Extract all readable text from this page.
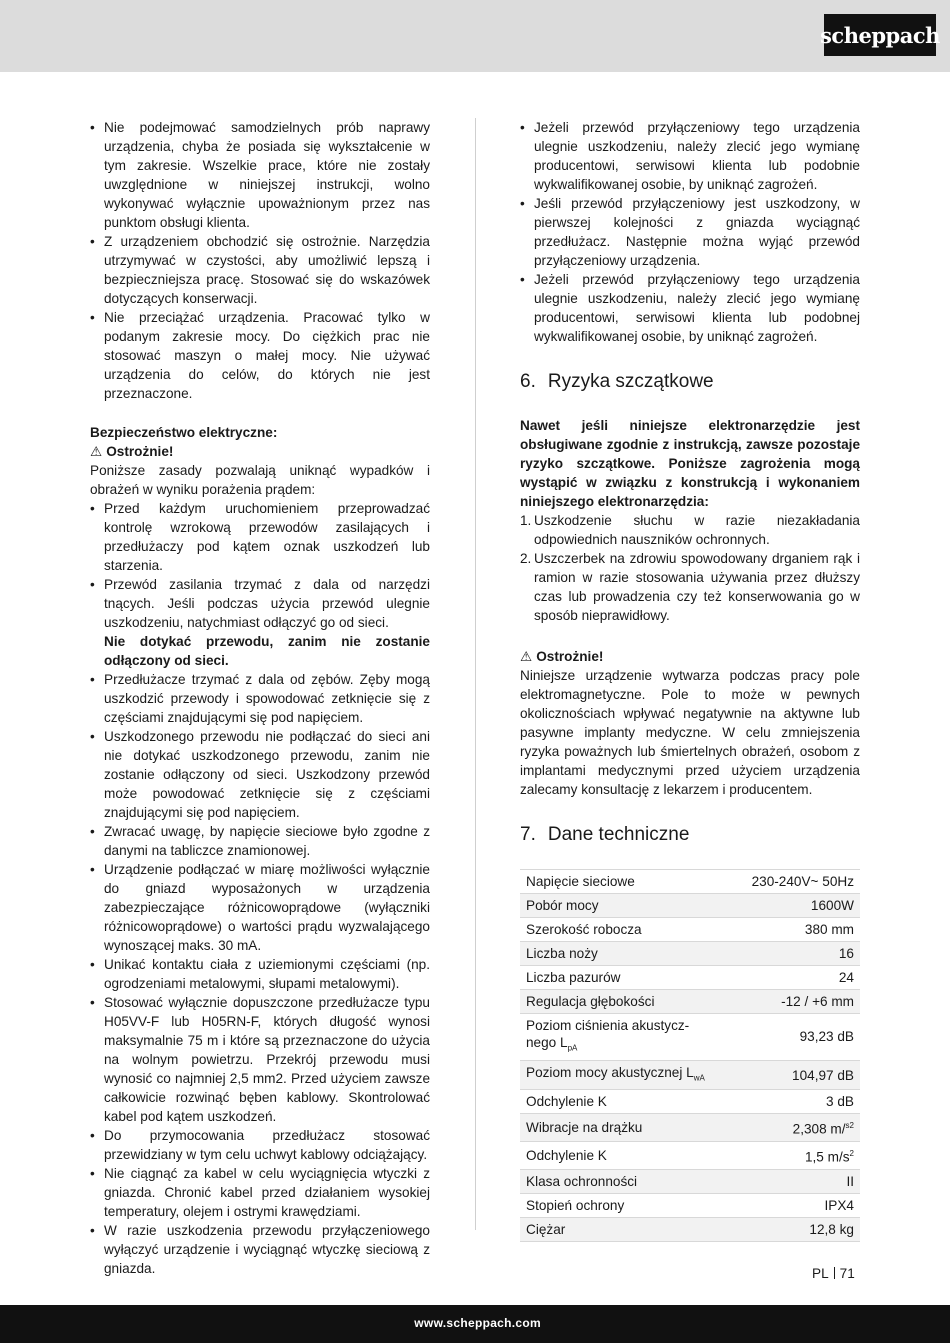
scheppach
• Nie podejmować samodzielnych prób naprawy urządzenia, chyba że posiada się wykształcenie w tym zakresie. Wszelkie prace, które nie zostały uwzględnione w niniejszej instrukcji, wolno wykonywać wyłącznie upoważnionym przez nas punktom obsługi klienta.
• Z urządzeniem obchodzić się ostrożnie. Narzędzia utrzymywać w czystości, aby umożliwić lepszą i bezpieczniejsza pracę. Stosować się do wskazówek dotyczących konserwacji.
• Nie przeciążać urządzenia. Pracować tylko w podanym zakresie mocy. Do ciężkich prac nie stosować maszyn o małej mocy. Nie używać urządzenia do celów, do których nie jest przeznaczone.
Bezpieczeństwo elektryczne:
⚠ Ostrożnie!
Poniższe zasady pozwalają uniknąć wypadków i obrażeń w wyniku porażenia prądem:
• Przed każdym uruchomieniem przeprowadzać kontrolę wzrokową przewodów zasilających i przedłużaczy pod kątem oznak uszkodzeń lub starzenia.
• Przewód zasilania trzymać z dala od narzędzi tnących. Jeśli podczas użycia przewód ulegnie uszkodzeniu, natychmiast odłączyć go od sieci.
Nie dotykać przewodu, zanim nie zostanie odłączony od sieci.
• Przedłużacze trzymać z dala od zębów. Zęby mogą uszkodzić przewody i spowodować zetknięcie się z częściami znajdującymi się pod napięciem.
• Uszkodzonego przewodu nie podłączać do sieci ani nie dotykać uszkodzonego przewodu, zanim nie zostanie odłączony od sieci. Uszkodzony przewód może powodować zetknięcie się z częściami znajdującymi się pod napięciem.
• Zwracać uwagę, by napięcie sieciowe było zgodne z danymi na tabliczce znamionowej.
• Urządzenie podłączać w miarę możliwości wyłącznie do gniazd wyposażonych w urządzenia zabezpieczające różnicowoprądowe (wyłączniki różnicowoprądowe) o wartości prądu wyzwalającego wynoszącej maks. 30 mA.
• Unikać kontaktu ciała z uziemionymi częściami (np. ogrodzeniami metalowymi, słupami metalowymi).
• Stosować wyłącznie dopuszczone przedłużacze typu H05VV-F lub H05RN-F, których długość wynosi maksymalnie 75 m i które są przeznaczone do użycia na wolnym powietrzu. Przekrój przewodu musi wynosić co najmniej 2,5 mm2. Przed użyciem zawsze całkowicie rozwinąć bęben kablowy. Skontrolować kabel pod kątem uszkodzeń.
• Do przymocowania przedłużacz stosować przewidziany w tym celu uchwyt kablowy odciążający.
• Nie ciągnąć za kabel w celu wyciągnięcia wtyczki z gniazda. Chronić kabel przed działaniem wysokiej temperatury, olejem i ostrymi krawędziami.
• W razie uszkodzenia przewodu przyłączeniowego wyłączyć urządzenie i wyciągnąć wtyczkę sieciową z gniazda.
• Jeżeli przewód przyłączeniowy tego urządzenia ulegnie uszkodzeniu, należy zlecić jego wymianę producentowi, serwisowi klienta lub podobnie wykwalifikowanej osobie, by uniknąć zagrożeń.
• Jeśli przewód przyłączeniowy jest uszkodzony, w pierwszej kolejności z gniazda wyciągnąć przedłużacz. Następnie można wyjąć przewód przyłączeniowy urządzenia.
• Jeżeli przewód przyłączeniowy tego urządzenia ulegnie uszkodzeniu, należy zlecić jego wymianę producentowi, serwisowi klienta lub podobnej wykwalifikowanej osobie, by uniknąć zagrożeń.
6. Ryzyka szczątkowe
Nawet jeśli niniejsze elektronarzędzie jest obsługiwane zgodnie z instrukcją, zawsze pozostaje ryzyko szczątkowe. Poniższe zagrożenia mogą wystąpić w związku z konstrukcją i wykonaniem niniejszego elektronarzędzia:
1. Uszkodzenie słuchu w razie niezakładania odpowiednich nauszników ochronnych.
2. Uszczerbek na zdrowiu spowodowany drganiem rąk i ramion w razie stosowania używania przez dłuższy czas lub prowadzenia czy też konserwowania go w sposób nieprawidłowy.
⚠ Ostrożnie!
Niniejsze urządzenie wytwarza podczas pracy pole elektromagnetyczne. Pole to może w pewnych okolicznościach wpływać negatywnie na aktywne lub pasywne implanty medyczne. W celu zmniejszenia ryzyka poważnych lub śmiertelnych obrażeń, osobom z implantami medycznymi przed użyciem urządzenia zalecamy konsultację z lekarzem i producentem.
7. Dane techniczne
Napięcie sieciowe	230-240V~ 50Hz
Pobór mocy	1600W
Szerokość robocza	380 mm
Liczba noży	16
Liczba pazurów	24
Regulacja głębokości	-12 / +6 mm
Poziom ciśnienia akustycz-
nego $L_{pA}$	93,23 dB
Poziom mocy akustycznej $L_{wA}$	104,97 dB
Odchylenie K	3 dB
Wibracje na drążku	2,308 m/$^{s2}$
Odchylenie K	1,5 $m/s^2$
Klasa ochronności	II
Stopień ochrony	IPX4
Ciężar	12,8 kg
PL 71
www.scheppach.com
